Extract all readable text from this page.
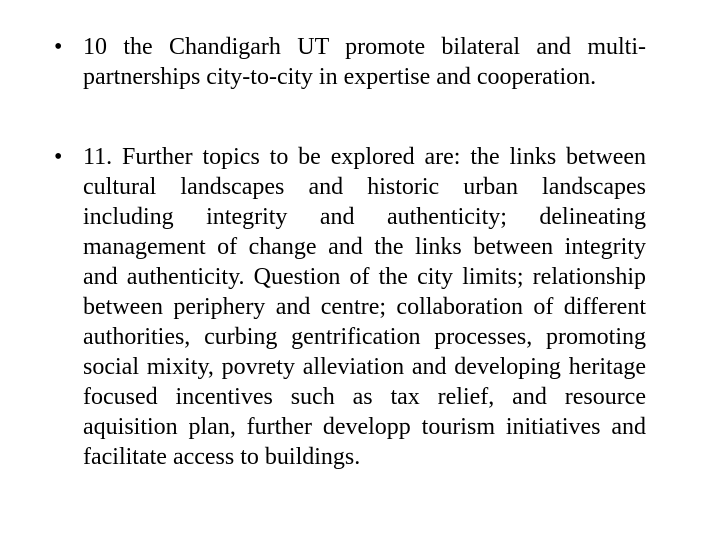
• 10 the Chandigarh UT promote bilateral and multi-partnerships city-to-city in expertise and cooperation.
• 11. Further topics to be explored are: the links between cultural landscapes and historic urban landscapes including integrity and authenticity; delineating management of change and the links between integrity and authenticity. Question of the city limits; relationship between periphery and centre; collaboration of different authorities, curbing gentrification processes, promoting social mixity, povrety alleviation and developing heritage focused incentives such as tax relief, and resource aquisition plan, further developp tourism initiatives and facilitate access to buildings.
